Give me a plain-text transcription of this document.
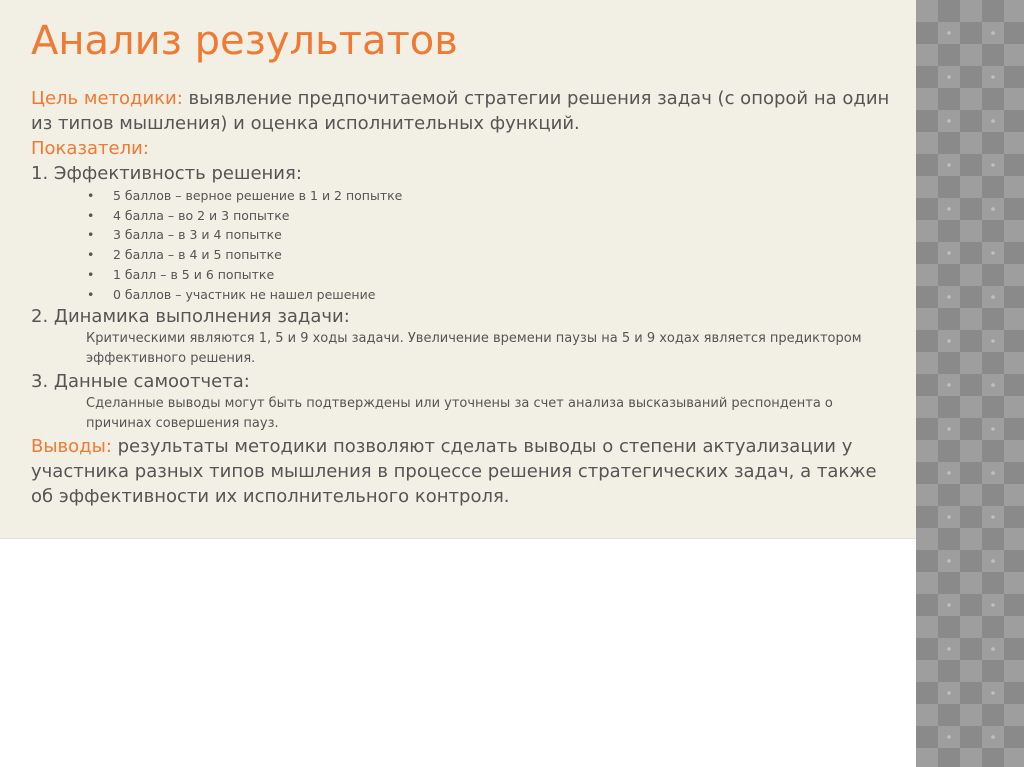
Анализ результатов

Цель методики: выявление предпочитаемой стратегии решения задач (с опорой на один из типов мышления) и оценка исполнительных функций.

Показатели:

1. Эффективность решения:

• 5 баллов – верное решение в 1 и 2 попытке
• 4 балла – во 2 и 3 попытке
• 3 балла – в 3 и 4 попытке
• 2 балла – в 4 и 5 попытке
• 1 балл – в 5 и 6 попытке
• 0 баллов – участник не нашел решение

2. Динамика выполнения задачи:

Критическими являются 1, 5 и 9 ходы задачи. Увеличение времени паузы на 5 и 9 ходах является предиктором эффективного решения.

3. Данные самоотчета:

Сделанные выводы могут быть подтверждены или уточнены за счет анализа высказываний респондента о причинах совершения пауз.

Выводы: результаты методики позволяют сделать выводы о степени актуализации у участника разных типов мышления в процессе решения стратегических задач, а также об эффективности их исполнительного контроля.
